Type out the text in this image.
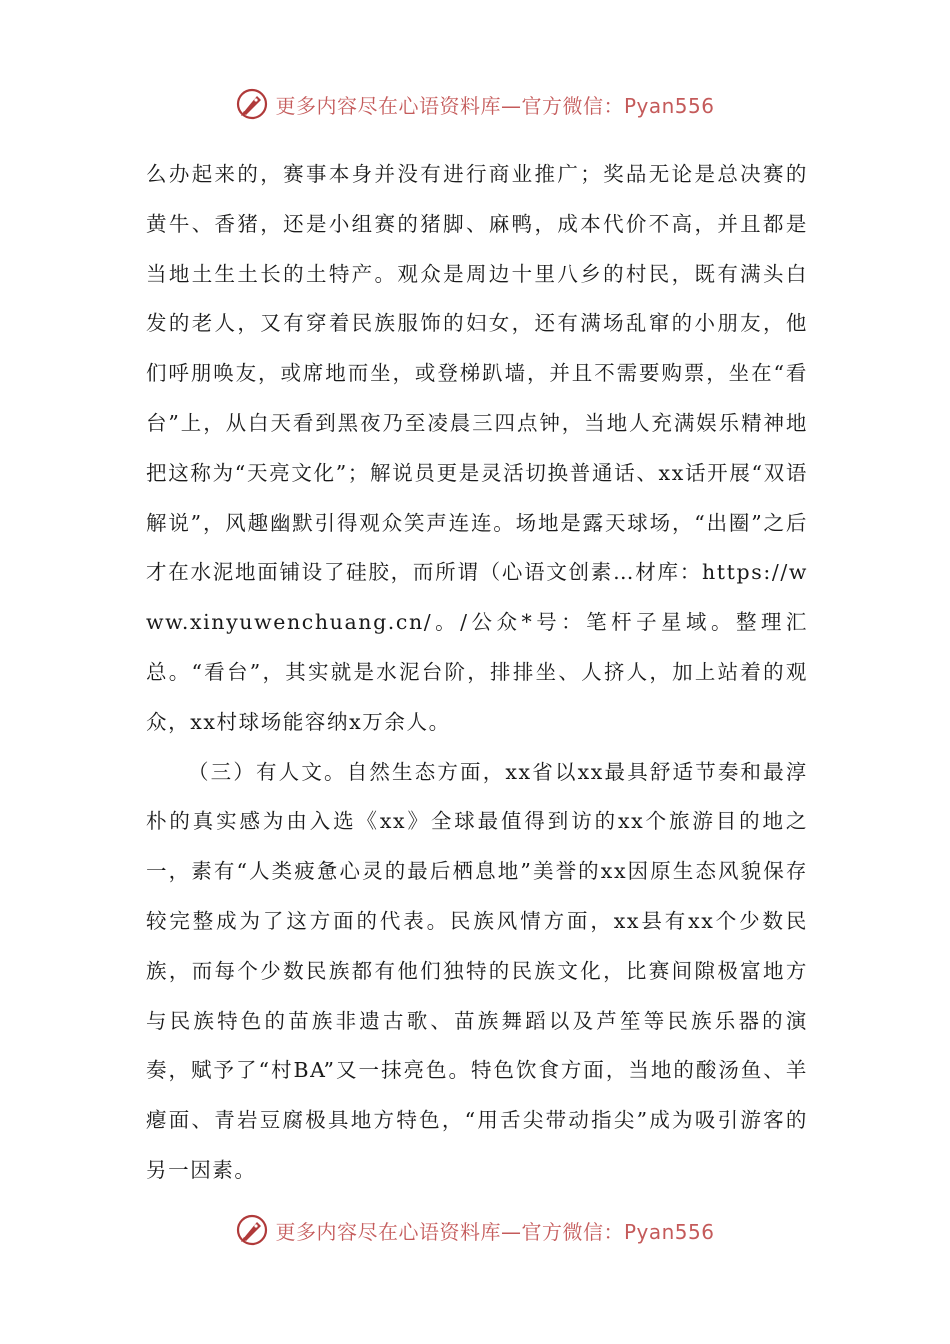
更多内容尽在心语资料库—官方微信：Pyan556

么办起来的，赛事本身并没有进行商业推广；奖品无论是总决赛的黄牛、香猪，还是小组赛的猪脚、麻鸭，成本代价不高，并且都是当地土生土长的土特产。观众是周边十里八乡的村民，既有满头白发的老人，又有穿着民族服饰的妇女，还有满场乱窜的小朋友，他们呼朋唤友，或席地而坐，或登梯趴墙，并且不需要购票，坐在“看台”上，从白天看到黑夜乃至凌晨三四点钟，当地人充满娱乐精神地把这称为“天亮文化”；解说员更是灵活切换普通话、xx话开展“双语解说”，风趣幽默引得观众笑声连连。场地是露天球场，“出圈”之后才在水泥地面铺设了硅胶，而所谓（心语文创素…材库：https://www.xinyuwenchuang.cn/。/公众*号：笔杆子星域。整理汇总。“看台”，其实就是水泥台阶，排排坐、人挤人，加上站着的观众，xx村球场能容纳x万余人。

（三）有人文。自然生态方面，xx省以xx最具舒适节奏和最淳朴的真实感为由入选《xx》全球最值得到访的xx个旅游目的地之一，素有“人类疲惫心灵的最后栖息地”美誉的xx因原生态风貌保存较完整成为了这方面的代表。民族风情方面，xx县有xx个少数民族，而每个少数民族都有他们独特的民族文化，比赛间隙极富地方与民族特色的苗族非遗古歌、苗族舞蹈以及芦笙等民族乐器的演奏，赋予了“村BA”又一抹亮色。特色饮食方面，当地的酸汤鱼、羊瘪面、青岩豆腐极具地方特色，“用舌尖带动指尖”成为吸引游客的另一因素。

更多内容尽在心语资料库—官方微信：Pyan556
